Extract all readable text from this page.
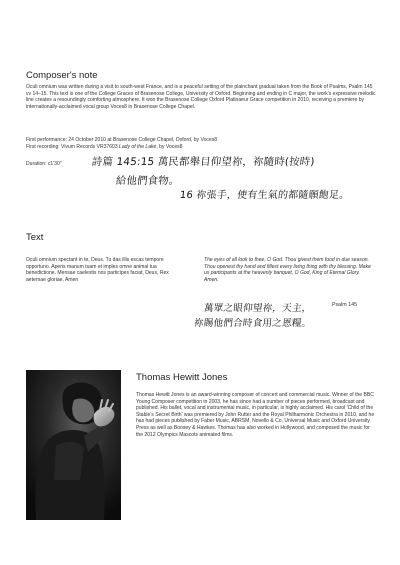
Composer's note

Oculi omnium was written during a visit to south-west France, and is a peaceful setting of the plainchant gradual taken from the Book of Psalms, Psalm 145 vv 14–15. This text is one of the College Graces of Brasenose College, University of Oxford. Beginning and ending in C major, the work's expressive melodic line creates a resoundingly comforting atmosphere. It won the Brasenose College Oxford Platinaeur Grace competition in 2010, receiving a premiere by internationally-acclaimed vocal group Voces8 in Brasenose College Chapel.

First performance: 24 October 2010 at Brasenose College Chapel, Oxford, by Voces8

First recording: Vivum Records VR37603 Lady of the Lake, by Voces8

Duration: c1'30"	詩篇 145:15 萬民都舉目仰望祢，祢隨時(按時)
給他們食物。
16 祢張手，使有生氣的都隨願飽足。
Text

Oculi omnium spectant in te, Deus. Tu das illis escas tempore opportuno. Aperis manum tuam et imples omne animal tua benedictione. Mensae caelestis nos participes faciat, Deus, Rex aeternae gloriae. Amen

The eyes of all look to thee, O God. Thou givest them food in due season. Thou openest thy hand and fillest every living thing with thy blessing. Make us participants at the heavenly banquet, O God, King of Eternal Glory. Amen.

萬眾之眼仰望祢，天主，	Psalm 145
祢賜他們合時食用之恩糧。
Thomas Hewitt Jones

Thomas Hewitt Jones is an award-winning composer of concert and commercial music. Winner of the BBC Young Composer competition in 2003, he has since had a number of pieces performed, broadcast and published. His ballet, vocal and instrumental music, in particular, is highly acclaimed. His carol 'Child of the Stable's Secret Birth' was premiered by John Rutter and the Royal Philharmonic Orchestra in 2010, and he has had pieces published by Faber Music, ABRSM, Novello & Co, Universal Music and Oxford University Press as well as Boosey & Hawkes. Thomas has also worked in Hollywood, and composed the music for the 2012 Olympics Mascots animated films.
